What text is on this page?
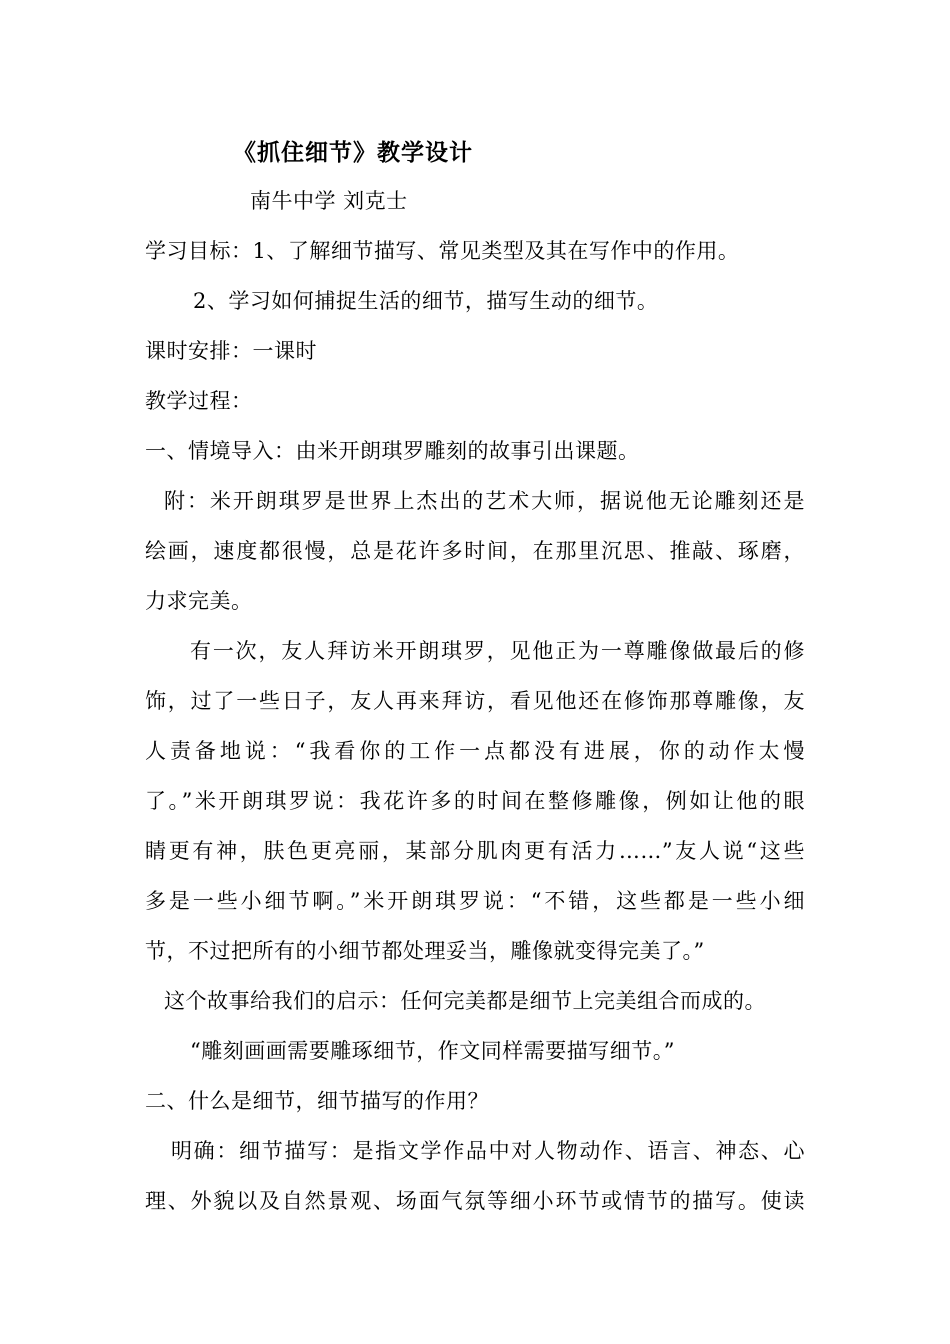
《抓住细节》教学设计
南牛中学 刘克士
学习目标：1、了解细节描写、常见类型及其在写作中的作用。
2、学习如何捕捉生活的细节，描写生动的细节。
课时安排：一课时
教学过程：
一、情境导入：由米开朗琪罗雕刻的故事引出课题。
附：米开朗琪罗是世界上杰出的艺术大师，据说他无论雕刻还是
绘画，速度都很慢，总是花许多时间，在那里沉思、推敲、琢磨，
力求完美。
有一次，友人拜访米开朗琪罗，见他正为一尊雕像做最后的修
饰，过了一些日子，友人再来拜访，看见他还在修饰那尊雕像，友
人责备地说：“我看你的工作一点都没有进展，你的动作太慢
了。”米开朗琪罗说：我花许多的时间在整修雕像，例如让他的眼
睛更有神，肤色更亮丽，某部分肌肉更有活力……”友人说“这些
多是一些小细节啊。”米开朗琪罗说：“不错，这些都是一些小细
节，不过把所有的小细节都处理妥当，雕像就变得完美了。”
这个故事给我们的启示：任何完美都是细节上完美组合而成的。
“雕刻画画需要雕琢细节，作文同样需要描写细节。”
二、什么是细节，细节描写的作用？
明确：细节描写：是指文学作品中对人物动作、语言、神态、心
理、外貌以及自然景观、场面气氛等细小环节或情节的描写。使读
